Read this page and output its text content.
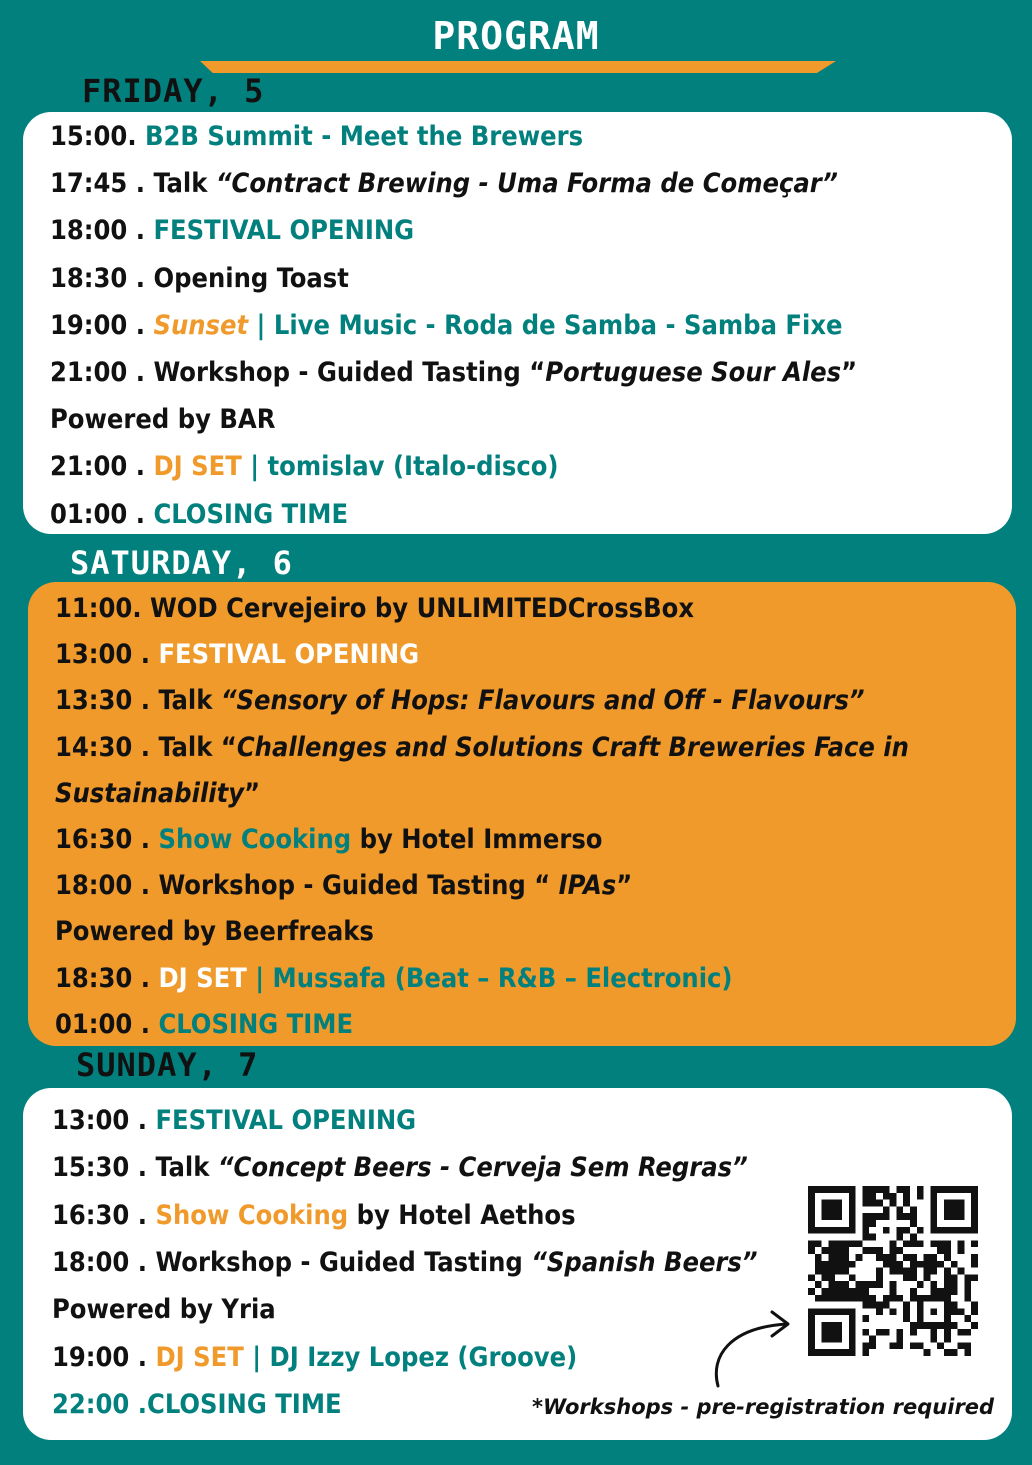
PROGRAM
FRIDAY, 5
15:00. B2B Summit - Meet the Brewers
17:45 . Talk “Contract Brewing - Uma Forma de Começar”
18:00 . FESTIVAL OPENING
18:30 . Opening Toast
19:00 . Sunset | Live Music - Roda de Samba - Samba Fixe
21:00 . Workshop - Guided Tasting “Portuguese Sour Ales”
Powered by BAR
21:00 . DJ SET | tomislav (Italo-disco)
01:00 . CLOSING TIME
SATURDAY, 6
11:00. WOD Cervejeiro by UNLIMITEDCrossBox
13:00 . FESTIVAL OPENING
13:30 . Talk “Sensory of Hops: Flavours and Off - Flavours”
14:30 . Talk “Challenges and Solutions Craft Breweries Face in
Sustainability”
16:30 . Show Cooking by Hotel Immerso
18:00 . Workshop - Guided Tasting “ IPAs”
Powered by Beerfreaks
18:30 . DJ SET | Mussafa (Beat – R&B – Electronic)
01:00 . CLOSING TIME
SUNDAY, 7
13:00 . FESTIVAL OPENING
15:30 . Talk “Concept Beers - Cerveja Sem Regras”
16:30 . Show Cooking by Hotel Aethos
18:00 . Workshop - Guided Tasting “Spanish Beers”
Powered by Yria
19:00 . DJ SET | DJ Izzy Lopez (Groove)
22:00 .CLOSING TIME	*Workshops - pre-registration required
